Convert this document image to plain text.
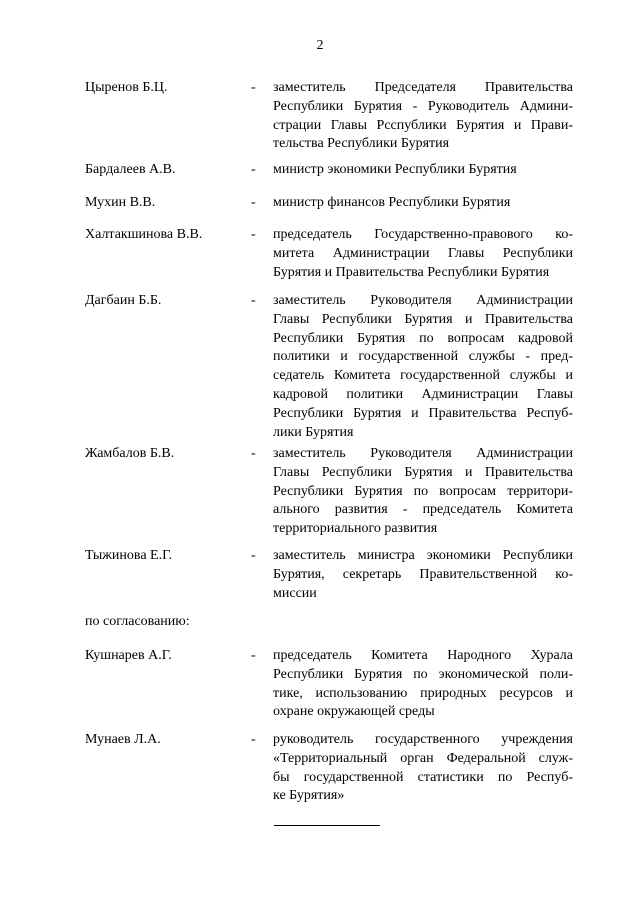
2
Цыренов Б.Ц.	- заместитель Председателя Правительства
Республики Бурятия - Руководитель Админи-
страции Главы Рсспублики Бурятия и Прави-
тельства Республики Бурятия
Бардалеев А.В.	- министр экономики Республики Бурятия
Мухин В.В.	- министр финансов Республики Бурятия
Халтакшинова В.В.	- председатель Государственно-правового ко-
митета Администрации Главы Республики
Бурятия и Правительства Республики Бурятия
Дагбаин Б.Б.	- заместитель Руководителя Администрации
Главы Республики Бурятия и Правительства
Республики Бурятия по вопросам кадровой
политики и государственной службы - пред-
седатель Комитета государственной службы и
кадровой политики Администрации Главы
Республики Бурятия и Правительства Респуб-
лики Бурятия
Жамбалов Б.В.	- заместитель Руководителя Администрации
Главы Республики Бурятия и Правительства
Республики Бурятия по вопросам территори-
ального развития - председатель Комитета
территориального развития
Тыжинова Е.Г.	- заместитель министра экономики Республики
Бурятия, секретарь Правительственной ко-
миссии
по согласованию:
Кушнарев А.Г.	- председатель Комитета Народного Хурала
Республики Бурятия по экономической поли-
тике, использованию природных ресурсов и
охране окружающей среды
Мунаев Л.А.	- руководитель государственного учреждения
«Территориальный орган Федеральной служ-
бы государственной статистики по Респуб-
ке Бурятия»
